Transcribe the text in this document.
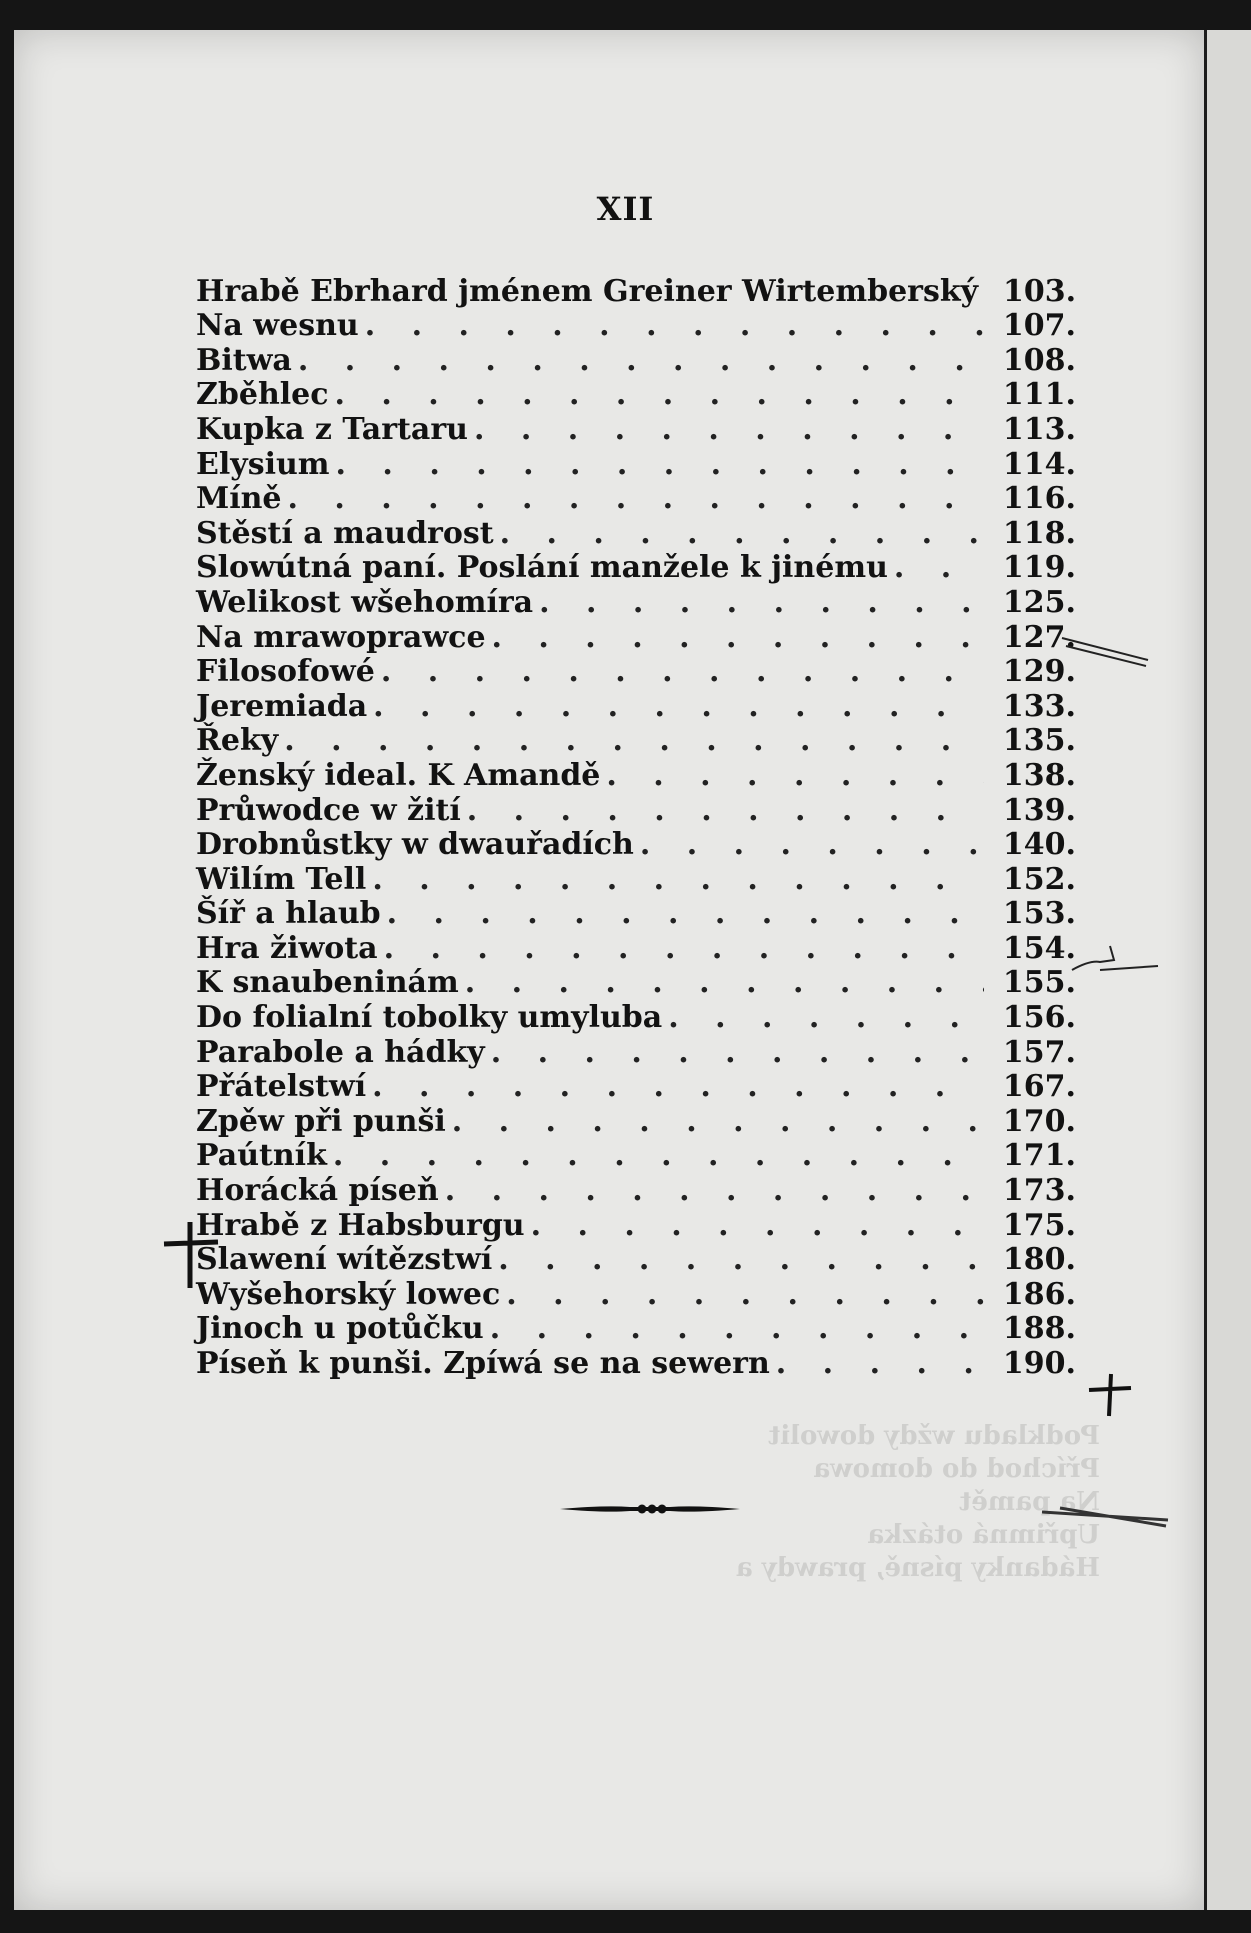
Podkladu wždy dowolit
Příchod do domowa
Na pamět
Upřimná otázka
Hádanky písně, prawdy a
XII
Hrabě Ebrhard jménem Greiner Wirtemberský 103.
Na wesnu . . .	107.
Bitwa . . .	108.
Zběhlec . . .	111.
Kupka z Tartaru . . .	113.
Elysium . . .	114.
Míně . . .	116.
Stěstí a maudrost . . .	118.
Slowútná paní. Poslání manžele k jinému . . .	119.
Welikost wšehomíra . . .	125.
Na mrawoprawce . . .	127.
Filosofowé . . .	129.
Jeremiada . . .	133.
Řeky . . .	135.
Ženský ideal. K Amandě . . .	138.
Průwodce w žití . . .	139.
Drobnůstky w dwauřadích . . .	140.
Wilím Tell . . .	152.
Šíř a hlaub . . .	153.
Hra žiwota . . .	154.
K snaubeninám . . .	155.
Do folialní tobolky umyluba . . .	156.
Parabole a hádky . . .	157.
Přátelstwí . . .	167.
Zpěw při punši . . .	170.
Paútník . . .	171.
Horácká píseň . . .	173.
Hrabě z Habsburgu . . .	175.
Slawení wítězstwí . . .	180.
Wyšehorský lowec . . .	186.
Jinoch u potůčku . . .	188.
Píseň k punši. Zpíwá se na sewern . . .	190.
